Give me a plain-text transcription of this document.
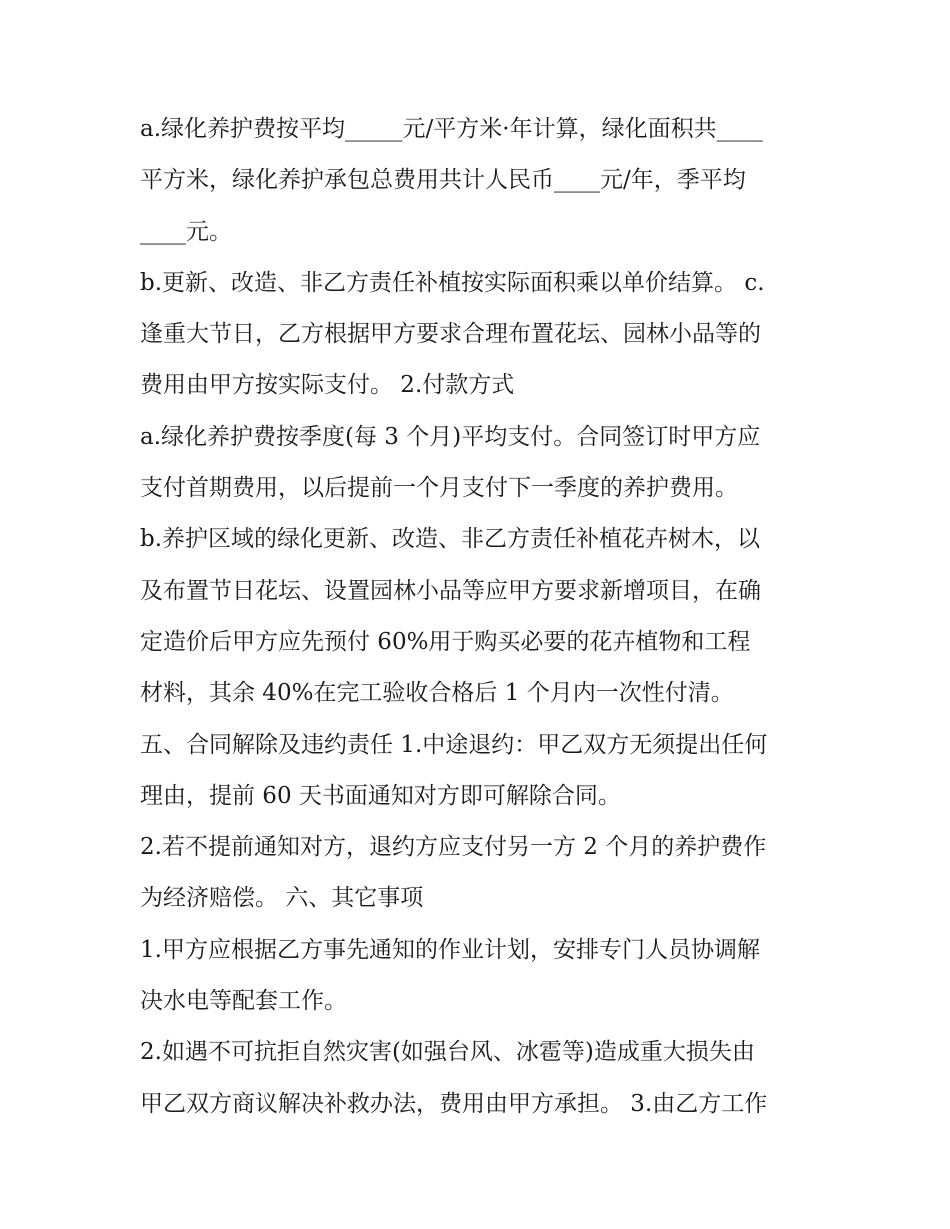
a.绿化养护费按平均_____元/平方米·年计算，绿化面积共____
平方米，绿化养护承包总费用共计人民币____元/年，季平均
____元。
b.更新、改造、非乙方责任补植按实际面积乘以单价结算。 c.
逢重大节日，乙方根据甲方要求合理布置花坛、园林小品等的
费用由甲方按实际支付。 2.付款方式
a.绿化养护费按季度(每 3 个月)平均支付。合同签订时甲方应
支付首期费用，以后提前一个月支付下一季度的养护费用。
b.养护区域的绿化更新、改造、非乙方责任补植花卉树木，以
及布置节日花坛、设置园林小品等应甲方要求新增项目，在确
定造价后甲方应先预付 60%用于购买必要的花卉植物和工程
材料，其余 40%在完工验收合格后 1 个月内一次性付清。
五、合同解除及违约责任 1.中途退约：甲乙双方无须提出任何
理由，提前 60 天书面通知对方即可解除合同。
2.若不提前通知对方，退约方应支付另一方 2 个月的养护费作
为经济赔偿。 六、其它事项
1.甲方应根据乙方事先通知的作业计划，安排专门人员协调解
决水电等配套工作。
2.如遇不可抗拒自然灾害(如强台风、冰雹等)造成重大损失由
甲乙双方商议解决补救办法，费用由甲方承担。 3.由乙方工作
